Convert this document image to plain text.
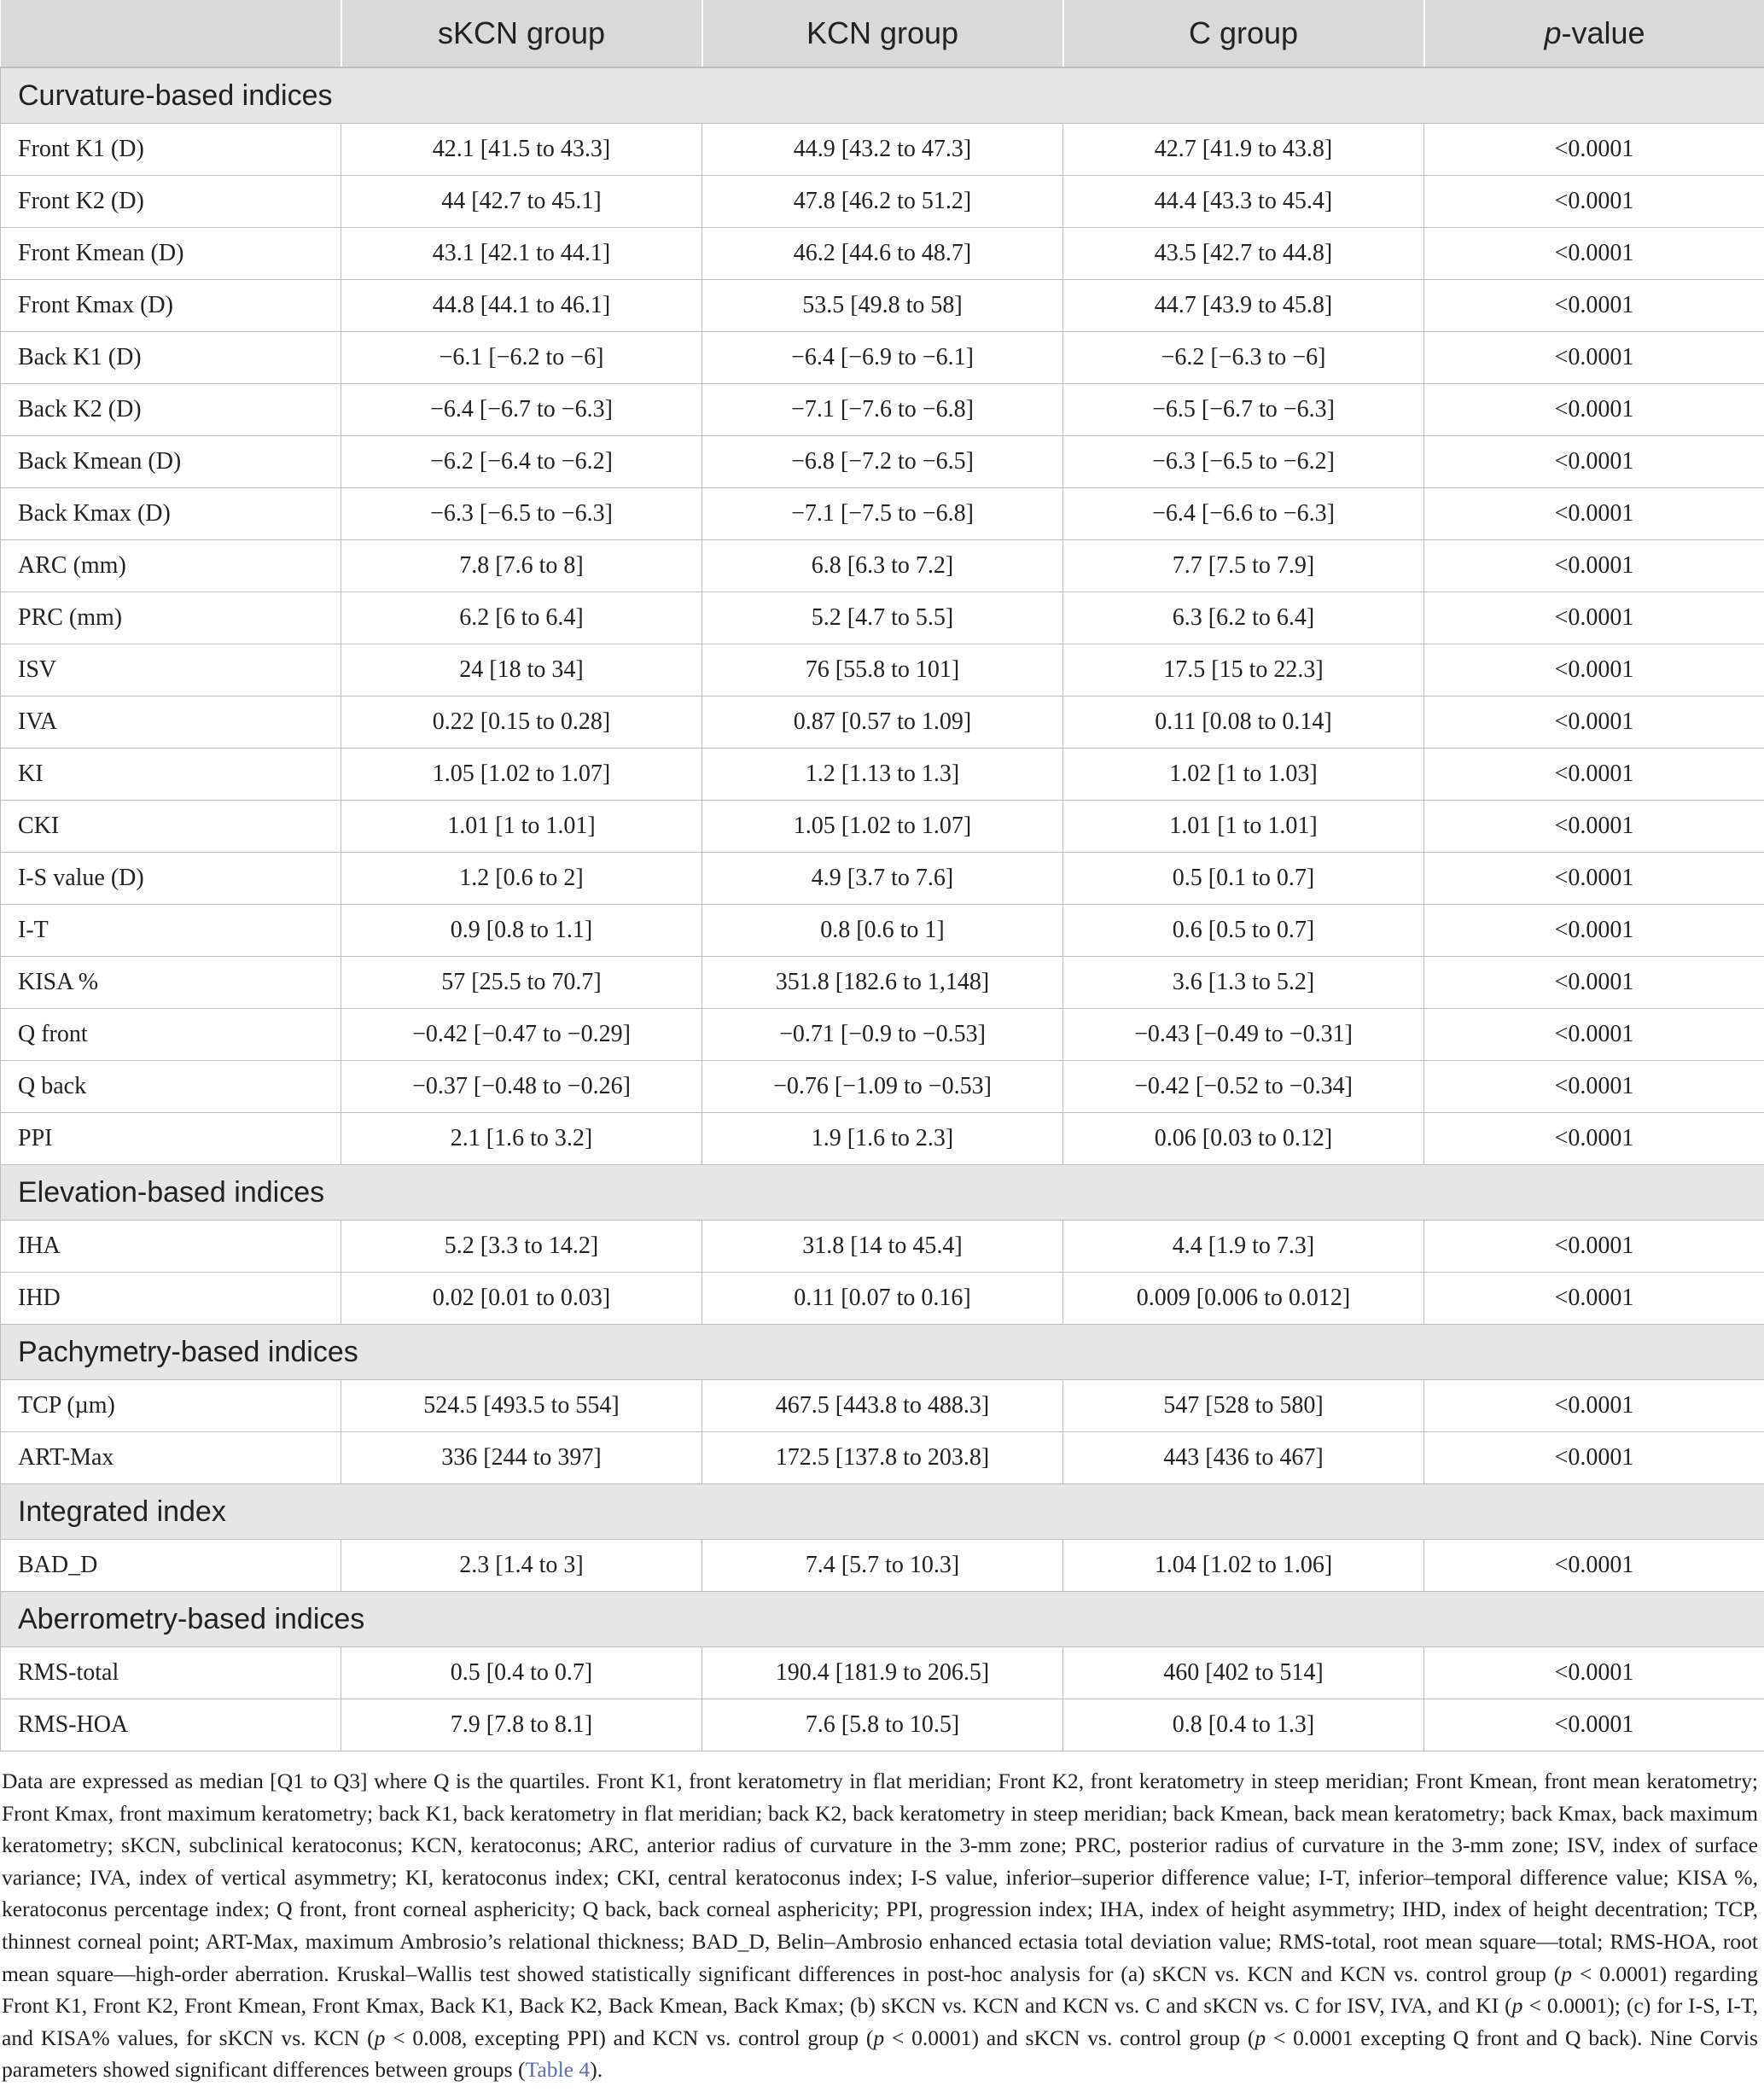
	sKCN group	KCN group	C group	p-value
Curvature-based indices				
Front K1 (D)	42.1 [41.5 to 43.3]	44.9 [43.2 to 47.3]	42.7 [41.9 to 43.8]	<0.0001
Front K2 (D)	44 [42.7 to 45.1]	47.8 [46.2 to 51.2]	44.4 [43.3 to 45.4]	<0.0001
Front Kmean (D)	43.1 [42.1 to 44.1]	46.2 [44.6 to 48.7]	43.5 [42.7 to 44.8]	<0.0001
Front Kmax (D)	44.8 [44.1 to 46.1]	53.5 [49.8 to 58]	44.7 [43.9 to 45.8]	<0.0001
Back K1 (D)	−6.1 [−6.2 to −6]	−6.4 [−6.9 to −6.1]	−6.2 [−6.3 to −6]	<0.0001
Back K2 (D)	−6.4 [−6.7 to −6.3]	−7.1 [−7.6 to −6.8]	−6.5 [−6.7 to −6.3]	<0.0001
Back Kmean (D)	−6.2 [−6.4 to −6.2]	−6.8 [−7.2 to −6.5]	−6.3 [−6.5 to −6.2]	<0.0001
Back Kmax (D)	−6.3 [−6.5 to −6.3]	−7.1 [−7.5 to −6.8]	−6.4 [−6.6 to −6.3]	<0.0001
ARC (mm)	7.8 [7.6 to 8]	6.8 [6.3 to 7.2]	7.7 [7.5 to 7.9]	<0.0001
PRC (mm)	6.2 [6 to 6.4]	5.2 [4.7 to 5.5]	6.3 [6.2 to 6.4]	<0.0001
ISV	24 [18 to 34]	76 [55.8 to 101]	17.5 [15 to 22.3]	<0.0001
IVA	0.22 [0.15 to 0.28]	0.87 [0.57 to 1.09]	0.11 [0.08 to 0.14]	<0.0001
KI	1.05 [1.02 to 1.07]	1.2 [1.13 to 1.3]	1.02 [1 to 1.03]	<0.0001
CKI	1.01 [1 to 1.01]	1.05 [1.02 to 1.07]	1.01 [1 to 1.01]	<0.0001
I-S value (D)	1.2 [0.6 to 2]	4.9 [3.7 to 7.6]	0.5 [0.1 to 0.7]	<0.0001
I-T	0.9 [0.8 to 1.1]	0.8 [0.6 to 1]	0.6 [0.5 to 0.7]	<0.0001
KISA %	57 [25.5 to 70.7]	351.8 [182.6 to 1,148]	3.6 [1.3 to 5.2]	<0.0001
Q front	−0.42 [−0.47 to −0.29]	−0.71 [−0.9 to −0.53]	−0.43 [−0.49 to −0.31]	<0.0001
Q back	−0.37 [−0.48 to −0.26]	−0.76 [−1.09 to −0.53]	−0.42 [−0.52 to −0.34]	<0.0001
PPI	2.1 [1.6 to 3.2]	1.9 [1.6 to 2.3]	0.06 [0.03 to 0.12]	<0.0001
Elevation-based indices				
IHA	5.2 [3.3 to 14.2]	31.8 [14 to 45.4]	4.4 [1.9 to 7.3]	<0.0001
IHD	0.02 [0.01 to 0.03]	0.11 [0.07 to 0.16]	0.009 [0.006 to 0.012]	<0.0001
Pachymetry-based indices				
TCP (µm)	524.5 [493.5 to 554]	467.5 [443.8 to 488.3]	547 [528 to 580]	<0.0001
ART-Max	336 [244 to 397]	172.5 [137.8 to 203.8]	443 [436 to 467]	<0.0001
Integrated index				
BAD_D	2.3 [1.4 to 3]	7.4 [5.7 to 10.3]	1.04 [1.02 to 1.06]	<0.0001
Aberrometry-based indices				
RMS-total	0.5 [0.4 to 0.7]	190.4 [181.9 to 206.5]	460 [402 to 514]	<0.0001
RMS-HOA	7.9 [7.8 to 8.1]	7.6 [5.8 to 10.5]	0.8 [0.4 to 1.3]	<0.0001

Data are expressed as median [Q1 to Q3] where Q is the quartiles. Front K1, front keratometry in flat meridian; Front K2, front keratometry in steep meridian; Front Kmean, front mean keratometry; Front Kmax, front maximum keratometry; back K1, back keratometry in flat meridian; back K2, back keratometry in steep meridian; back Kmean, back mean keratometry; back Kmax, back maximum keratometry; sKCN, subclinical keratoconus; KCN, keratoconus; ARC, anterior radius of curvature in the 3-mm zone; PRC, posterior radius of curvature in the 3-mm zone; ISV, index of surface variance; IVA, index of vertical asymmetry; KI, keratoconus index; CKI, central keratoconus index; I-S value, inferior–superior difference value; I-T, inferior–temporal difference value; KISA %, keratoconus percentage index; Q front, front corneal asphericity; Q back, back corneal asphericity; PPI, progression index; IHA, index of height asymmetry; IHD, index of height decentration; TCP, thinnest corneal point; ART-Max, maximum Ambrosio’s relational thickness; BAD_D, Belin–Ambrosio enhanced ectasia total deviation value; RMS-total, root mean square—total; RMS-HOA, root mean square—high-order aberration. Kruskal–Wallis test showed statistically significant differences in post-hoc analysis for (a) sKCN vs. KCN and KCN vs. control group (p < 0.0001) regarding Front K1, Front K2, Front Kmean, Front Kmax, Back K1, Back K2, Back Kmean, Back Kmax; (b) sKCN vs. KCN and KCN vs. C and sKCN vs. C for ISV, IVA, and KI (p < 0.0001); (c) for I-S, I-T, and KISA% values, for sKCN vs. KCN (p < 0.008, excepting PPI) and KCN vs. control group (p < 0.0001) and sKCN vs. control group (p < 0.0001 excepting Q front and Q back). Nine Corvis parameters showed significant differences between groups (Table 4).
